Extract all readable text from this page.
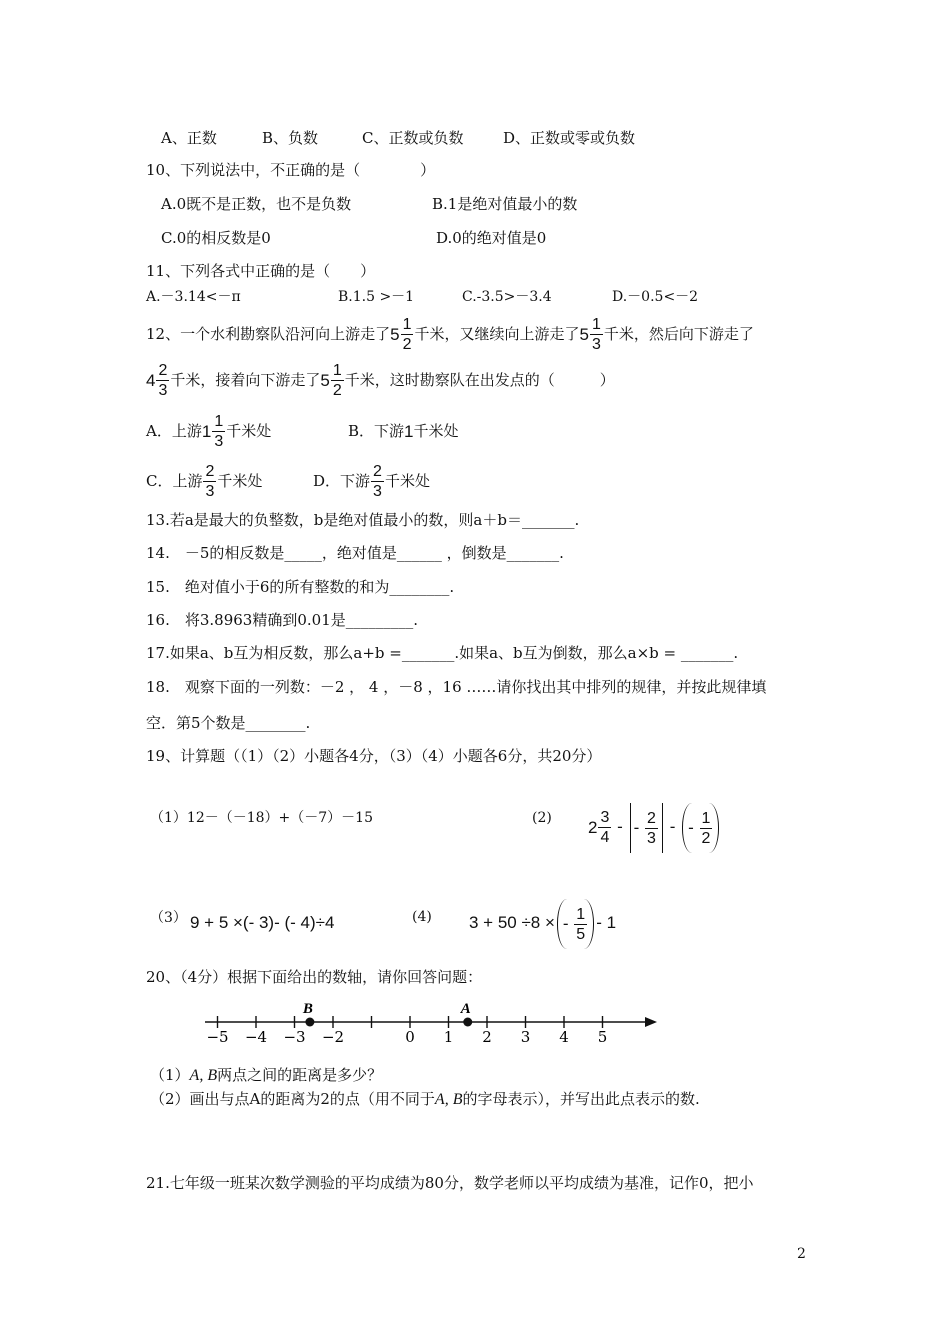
A、正数	B、负数	C、正数或负数	D、正数或零或负数
10、下列说法中，不正确的是（　　　　）
A.0既不是正数，也不是负数	B.1是绝对值最小的数
C.0的相反数是0	D.0的绝对值是0
11、下列各式中正确的是（　　）
A.－3.14<－π	B.1.5 >－1	C.-3.5>－3.4	D.－0.5<－2
12、一个水利勘察队沿河向上游走了$5 \frac{1}{2}$ 千米，又继续向上游走了$5 \frac{1}{3}$ 千米，然后向下游走了
$4 \frac{2}{3}$ 千米，接着向下游走了$5 \frac{1}{2}$ 千米，这时勘察队在出发点的（　　　）
A．上游$1 \frac{1}{3}$ 千米处	B．下游1千米处
C．上游 $\frac{2}{3}$ 千米处	D．下游 $\frac{2}{3}$ 千米处
13.若a是最大的负整数，b是绝对值最小的数，则a＋b＝_______.
14.　－5的相反数是_____，绝对值是______ ，倒数是_______.
15.　绝对值小于6的所有整数的和为________.
16.　将3.8963精确到0.01是_________.
17.如果a、b互为相反数，那么a+b =_______.如果a、b互为倒数，那么a×b = _______.
18.　观察下面的一列数：－2 ， 4 ，－8 ，16 ……请你找出其中排列的规律，并按此规律填
空．第5个数是________.
19、计算题（（1）（2）小题各4分，（3）（4）小题各6分，共20分）
（1）12－（－18）+（－7）－15	(2) $2 \frac{3}{4}$ - - $\frac{2}{3}$ - - $\frac{1}{2}$
（3） 9 + 5 ×(- 3)- (- 4)÷4	(4) 3 + 50 ÷8 × - $\frac{1}{5} - 1$
20、（4分）根据下面给出的数轴，请你回答问题：
−5 −4 −3 −2	0 1 2 3 4 5
B	A
（1）A, B两点之间的距离是多少？
（2）画出与点A的距离为2的点（用不同于A, B的字母表示），并写出此点表示的数.
21.七年级一班某次数学测验的平均成绩为80分，数学老师以平均成绩为基准，记作0，把小
2
